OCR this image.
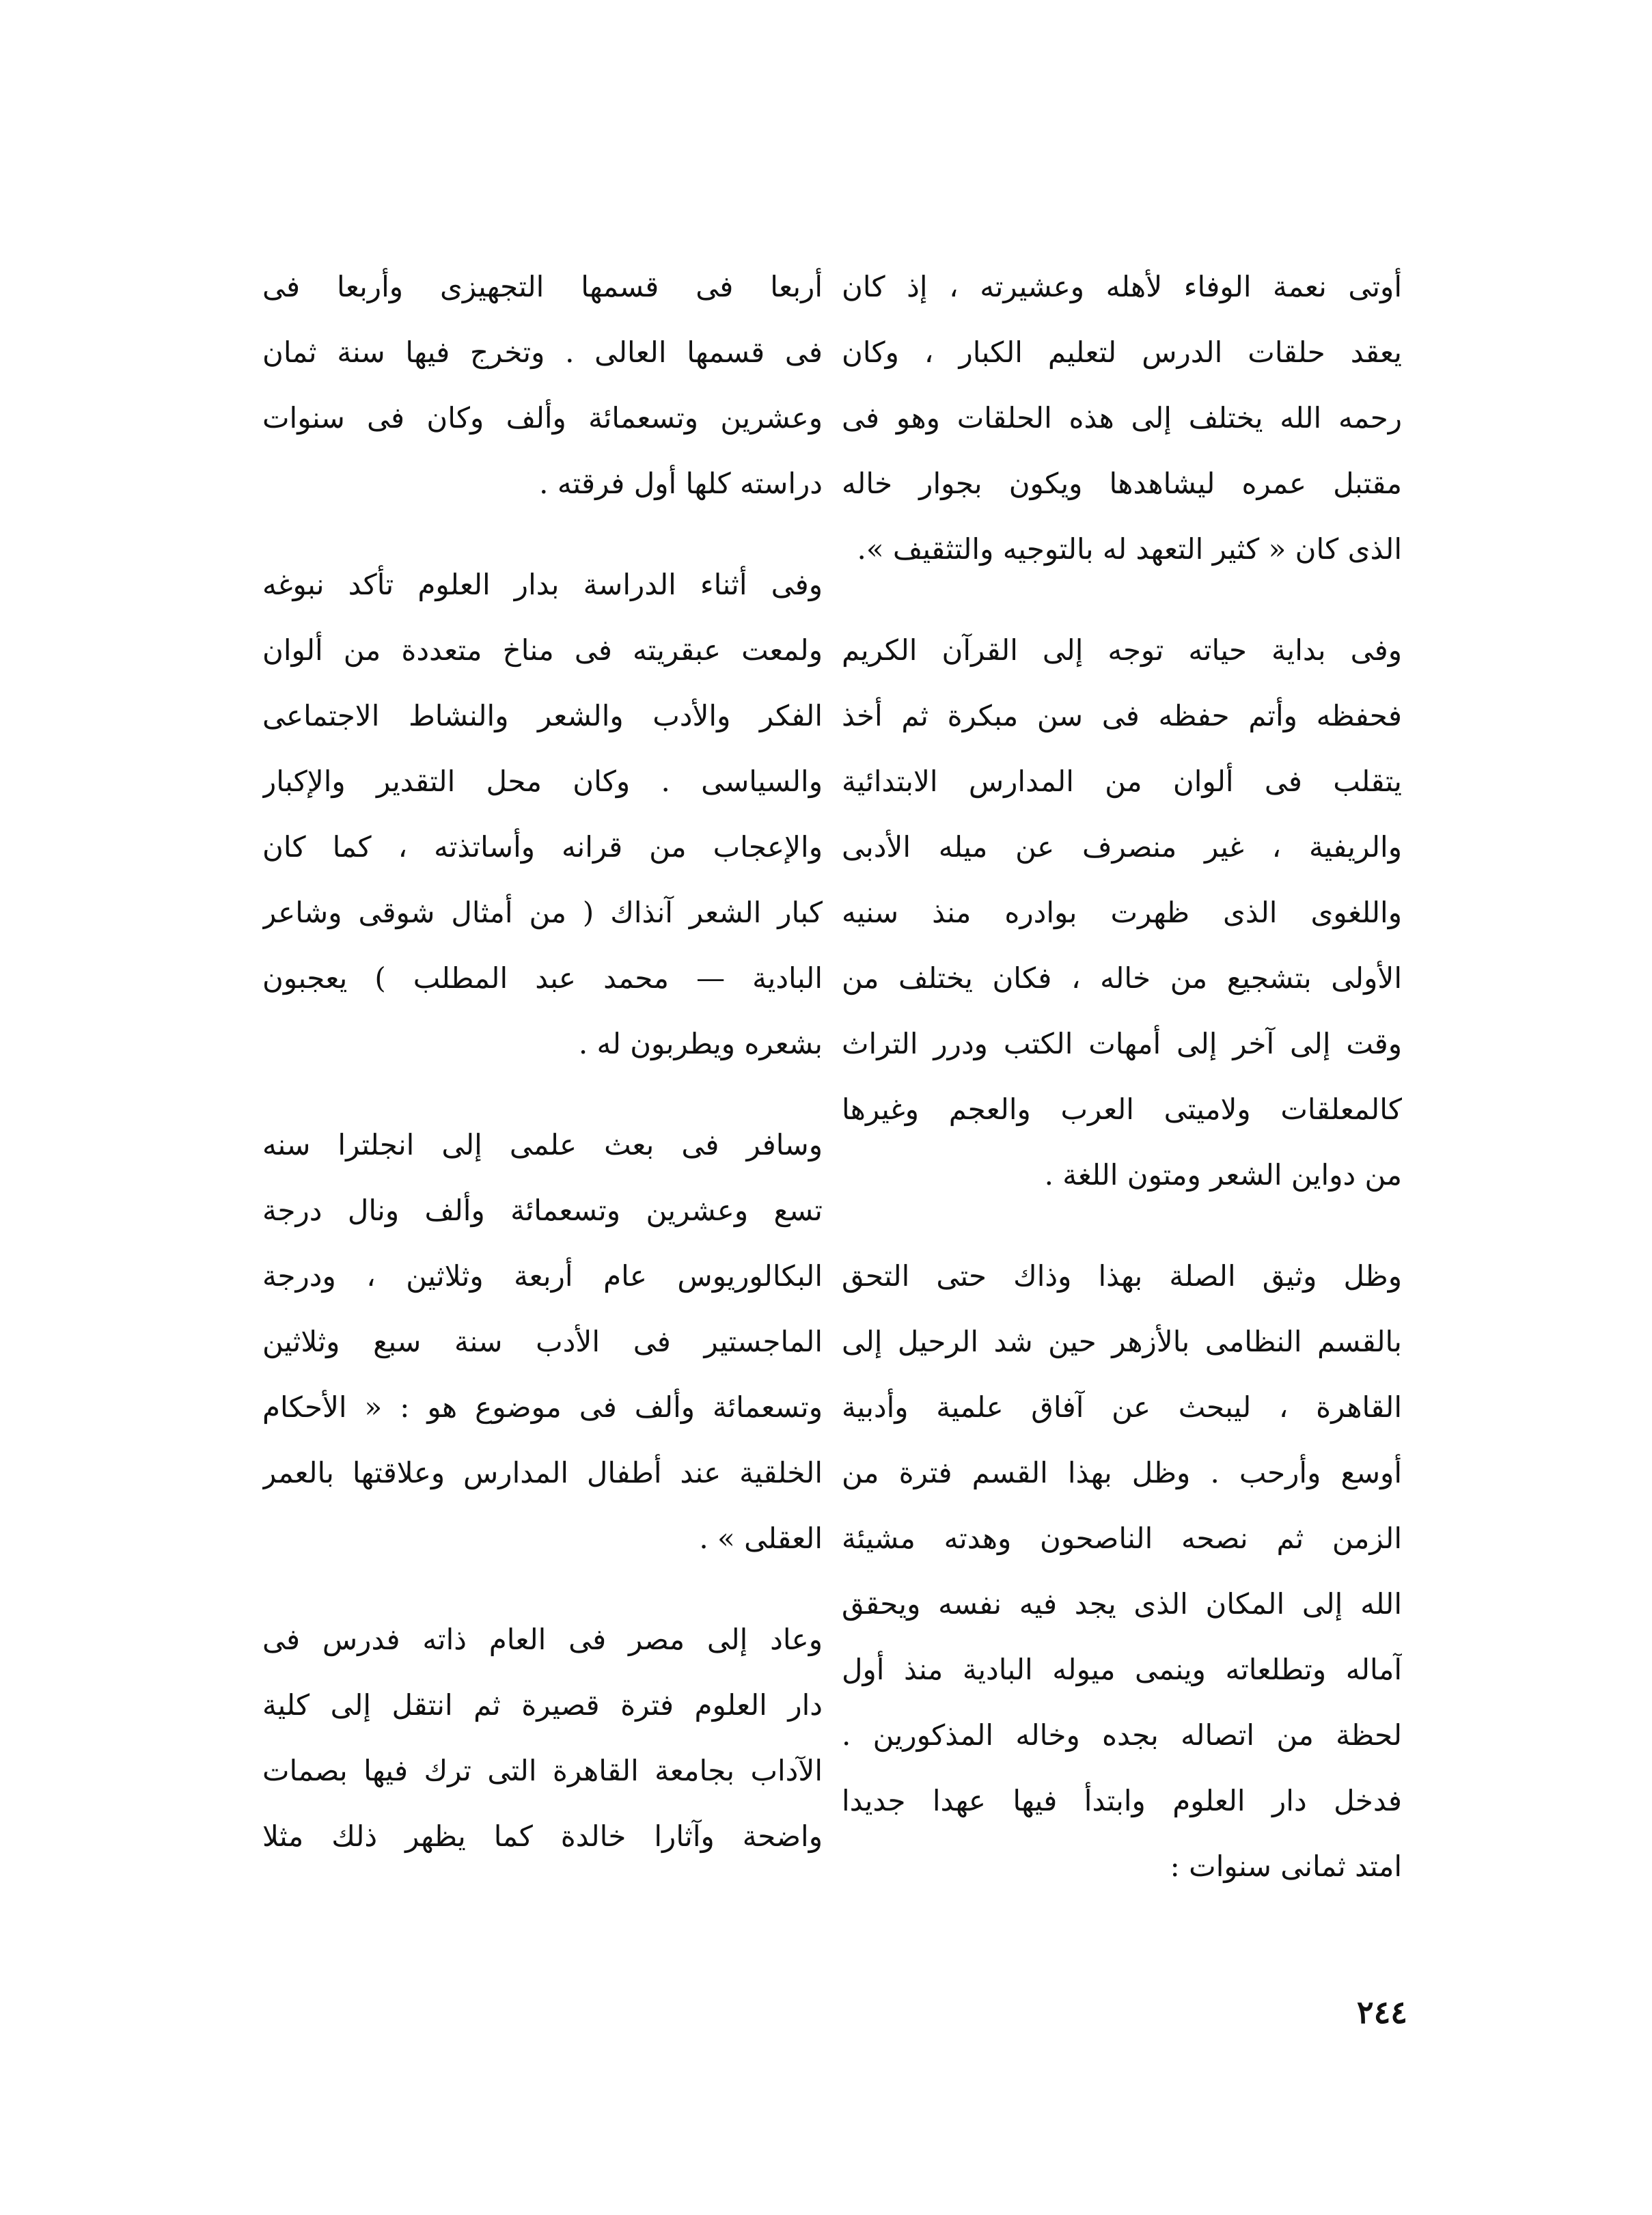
أوتى نعمة الوفاء لأهله وعشيرته ، إذ كان
يعقد حلقات الدرس لتعليم الكبار ، وكان
رحمه الله يختلف إلى هذه الحلقات وهو فى
مقتبل عمره ليشاهدها ويكون بجوار خاله
الذى كان « كثير التعهد له بالتوجيه والتثقيف ».
وفى بداية حياته توجه إلى القرآن الكريم
فحفظه وأتم حفظه فى سن مبكرة ثم أخذ
يتقلب فى ألوان من المدارس الابتدائية
والريفية ، غير منصرف عن ميله الأدبى
واللغوى الذى ظهرت بوادره منذ سنيه
الأولى بتشجيع من خاله ، فكان يختلف من
وقت إلى آخر إلى أمهات الكتب ودرر التراث
كالمعلقات ولاميتى العرب والعجم وغيرها
من دواين الشعر ومتون اللغة .
وظل وثيق الصلة بهذا وذاك حتى التحق
بالقسم النظامى بالأزهر حين شد الرحيل إلى
القاهرة ، ليبحث عن آفاق علمية وأدبية
أوسع وأرحب . وظل بهذا القسم فترة من
الزمن ثم نصحه الناصحون وهدته مشيئة
الله إلى المكان الذى يجد فيه نفسه ويحقق
آماله وتطلعاته وينمى ميوله البادية منذ أول
لحظة من اتصاله بجده وخاله المذكورين .
فدخل دار العلوم وابتدأ فيها عهدا جديدا
امتد ثمانى سنوات :
أربعا فى قسمها التجهيزى وأربعا فى
فى قسمها العالى . وتخرج فيها سنة ثمان
وعشرين وتسعمائة وألف وكان فى سنوات
دراسته كلها أول فرقته .
وفى أثناء الدراسة بدار العلوم تأكد نبوغه
ولمعت عبقريته فى مناخ متعددة من ألوان
الفكر والأدب والشعر والنشاط الاجتماعى
والسياسى . وكان محل التقدير والإكبار
والإعجاب من قرانه وأساتذته ، كما كان
كبار الشعر آنذاك ( من أمثال شوقى وشاعر
البادية — محمد عبد المطلب ) يعجبون
بشعره ويطربون له .
وسافر فى بعث علمى إلى انجلترا سنه
تسع وعشرين وتسعمائة وألف ونال درجة
البكالوريوس عام أربعة وثلاثين ، ودرجة
الماجستير فى الأدب سنة سبع وثلاثين
وتسعمائة وألف فى موضوع هو : « الأحكام
الخلقية عند أطفال المدارس وعلاقتها بالعمر
العقلى » .
وعاد إلى مصر فى العام ذاته فدرس فى
دار العلوم فترة قصيرة ثم انتقل إلى كلية
الآداب بجامعة القاهرة التى ترك فيها بصمات
واضحة وآثارا خالدة كما يظهر ذلك مثلا
٢٤٤
